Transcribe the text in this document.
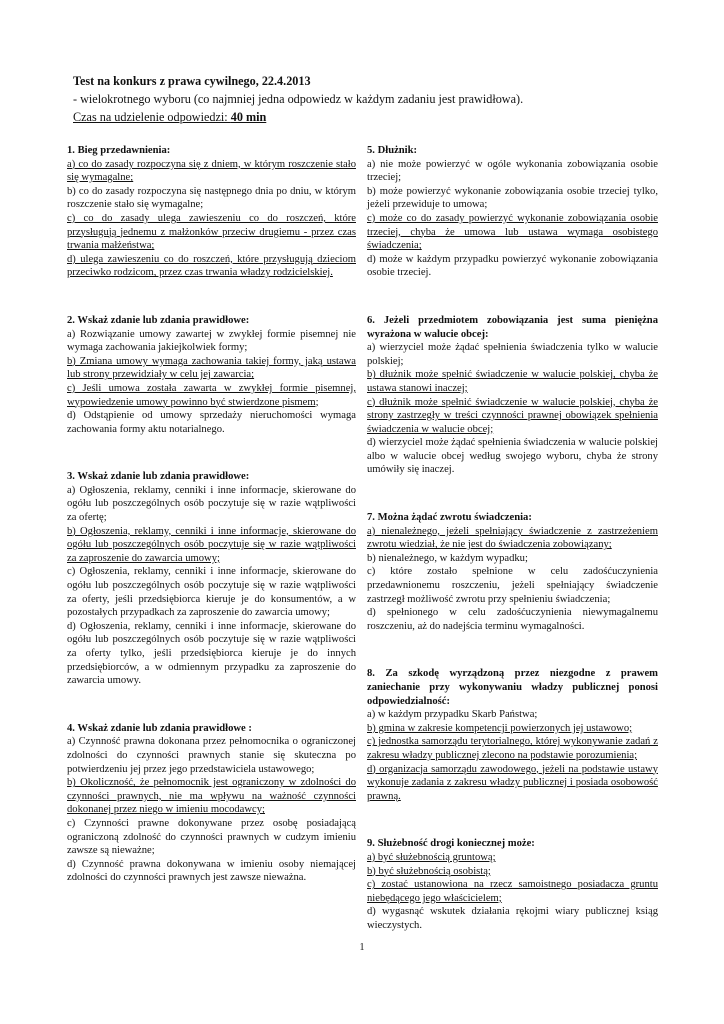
Test na konkurs z prawa cywilnego, 22.4.2013
- wielokrotnego wyboru (co najmniej jedna odpowiedz w każdym zadaniu jest prawidłowa).
Czas na udzielenie odpowiedzi: 40 min
1. Bieg przedawnienia:
a) co do zasady rozpoczyna się z dniem, w którym roszczenie stało się wymagalne;
b) co do zasady rozpoczyna się następnego dnia po dniu, w którym roszczenie stało się wymagalne;
c) co do zasady ulega zawieszeniu co do roszczeń, które przysługują jednemu z małżonków przeciw drugiemu - przez czas trwania małżeństwa;
d) ulega zawieszeniu co do roszczeń, które przysługują dzieciom przeciwko rodzicom, przez czas trwania władzy rodzicielskiej.
2. Wskaż zdanie lub zdania prawidłowe:
a) Rozwiązanie umowy zawartej w zwykłej formie pisemnej nie wymaga zachowania jakiejkolwiek formy;
b) Zmiana umowy wymaga zachowania takiej formy, jaką ustawa lub strony przewidziały w celu jej zawarcia;
c) Jeśli umowa została zawarta w zwykłej formie pisemnej, wypowiedzenie umowy powinno być stwierdzone pismem;
d) Odstąpienie od umowy sprzedaży nieruchomości wymaga zachowania formy aktu notarialnego.
3. Wskaż zdanie lub zdania prawidłowe:
a) Ogłoszenia, reklamy, cenniki i inne informacje, skierowane do ogółu lub poszczególnych osób poczytuje się w razie wątpliwości za ofertę;
b) Ogłoszenia, reklamy, cenniki i inne informacje, skierowane do ogółu lub poszczególnych osób poczytuje się w razie wątpliwości za zaproszenie do zawarcia umowy;
c) Ogłoszenia, reklamy, cenniki i inne informacje, skierowane do ogółu lub poszczególnych osób poczytuje się w razie wątpliwości za oferty, jeśli przedsiębiorca kieruje je do konsumentów, a w pozostałych przypadkach za zaproszenie do zawarcia umowy;
d) Ogłoszenia, reklamy, cenniki i inne informacje, skierowane do ogółu lub poszczególnych osób poczytuje się w razie wątpliwości za oferty tylko, jeśli przedsiębiorca kieruje je do innych przedsiębiorców, a w odmiennym przypadku za zaproszenie do zawarcia umowy.
4. Wskaż zdanie lub zdania prawidłowe :
a) Czynność prawna dokonana przez pełnomocnika o ograniczonej zdolności do czynności prawnych stanie się skuteczna po potwierdzeniu jej przez jego przedstawiciela ustawowego;
b) Okoliczność, że pełnomocnik jest ograniczony w zdolności do czynności prawnych, nie ma wpływu na ważność czynności dokonanej przez niego w imieniu mocodawcy;
c) Czynności prawne dokonywane przez osobę posiadającą ograniczoną zdolność do czynności prawnych w cudzym imieniu zawsze są nieważne;
d) Czynność prawna dokonywana w imieniu osoby niemającej zdolności do czynności prawnych jest zawsze nieważna.
5. Dłużnik:
a) nie może powierzyć w ogóle wykonania zobowiązania osobie trzeciej;
b) może powierzyć wykonanie zobowiązania osobie trzeciej tylko, jeżeli przewiduje to umowa;
c) może co do zasady powierzyć wykonanie zobowiązania osobie trzeciej, chyba że umowa lub ustawa wymaga osobistego świadczenia;
d) może w każdym przypadku powierzyć wykonanie zobowiązania osobie trzeciej.
6. Jeżeli przedmiotem zobowiązania jest suma pieniężna wyrażona w walucie obcej:
a) wierzyciel może żądać spełnienia świadczenia tylko w walucie polskiej;
b) dłużnik może spełnić świadczenie w walucie polskiej, chyba że ustawa stanowi inaczej;
c) dłużnik może spełnić świadczenie w walucie polskiej, chyba że strony zastrzegły w treści czynności prawnej obowiązek spełnienia świadczenia w walucie obcej;
d) wierzyciel może żądać spełnienia świadczenia w walucie polskiej albo w walucie obcej według swojego wyboru, chyba że strony umówiły się inaczej.
7. Można żądać zwrotu świadczenia:
a) nienależnego, jeżeli spełniający świadczenie z zastrzeżeniem zwrotu wiedział, że nie jest do świadczenia zobowiązany;
b) nienależnego, w każdym wypadku;
c) które zostało spełnione w celu zadośćuczynienia przedawnionemu roszczeniu, jeżeli spełniający świadczenie zastrzegł możliwość zwrotu przy spełnieniu świadczenia;
d) spełnionego w celu zadośćuczynienia niewymagalnemu roszczeniu, aż do nadejścia terminu wymagalności.
8. Za szkodę wyrządzoną przez niezgodne z prawem zaniechanie przy wykonywaniu władzy publicznej ponosi odpowiedzialność:
a) w każdym przypadku Skarb Państwa;
b) gmina w zakresie kompetencji powierzonych jej ustawowo;
c) jednostka samorządu terytorialnego, której wykonywanie zadań z zakresu władzy publicznej zlecono na podstawie porozumienia;
d) organizacja samorządu zawodowego, jeżeli na podstawie ustawy wykonuje zadania z zakresu władzy publicznej i posiada osobowość prawną.
9. Służebność drogi koniecznej może:
a) być służebnością gruntową;
b) być służebnością osobistą;
c) zostać ustanowiona na rzecz samoistnego posiadacza gruntu niebędącego jego właścicielem;
d) wygasnąć wskutek działania rękojmi wiary publicznej ksiąg wieczystych.
1
